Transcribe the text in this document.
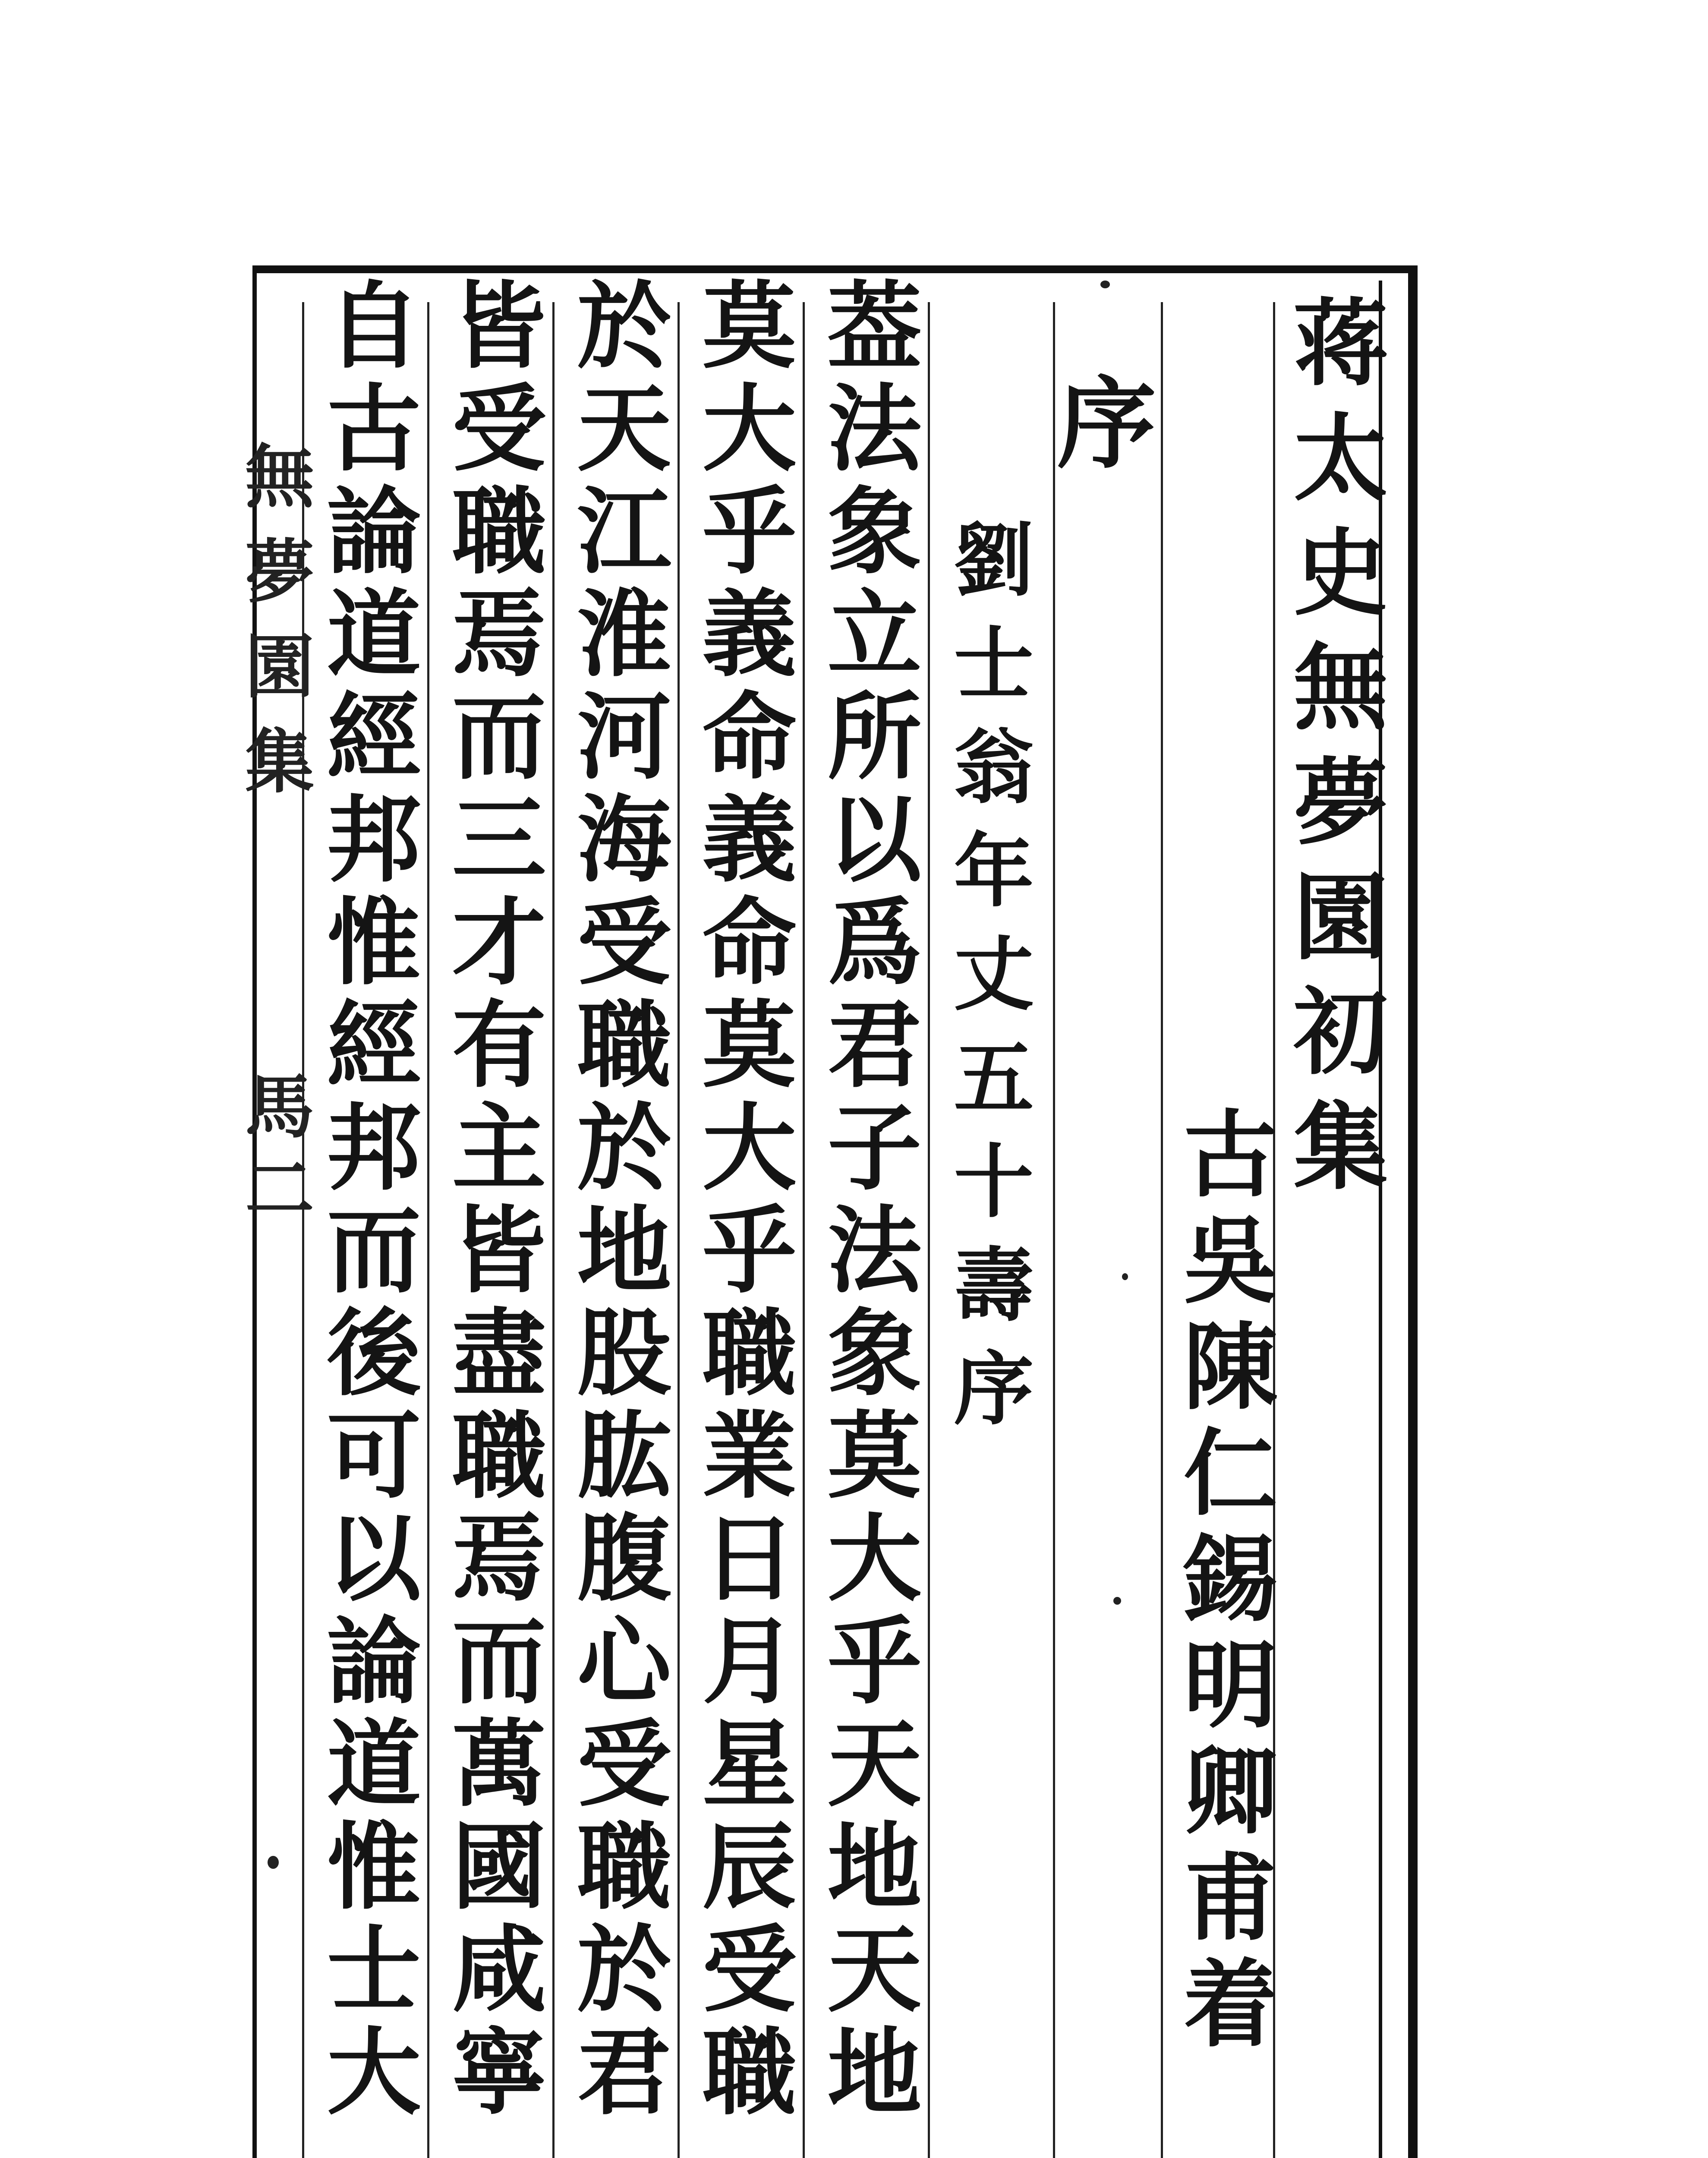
蒋太史無夢園初集
古吳陳仁錫明卿甫着
序
劉士翁年丈五十壽序
葢法象立所以爲君子法象莫大乎天地天地
莫大乎義命義命莫大乎職業日月星辰受職
於天江淮河海受職於地股肱腹心受職於君
皆受職焉而三才有主皆盡職焉而萬國咸寧
自古論道經邦惟經邦而後可以論道惟士大
無夢園集
馬二
